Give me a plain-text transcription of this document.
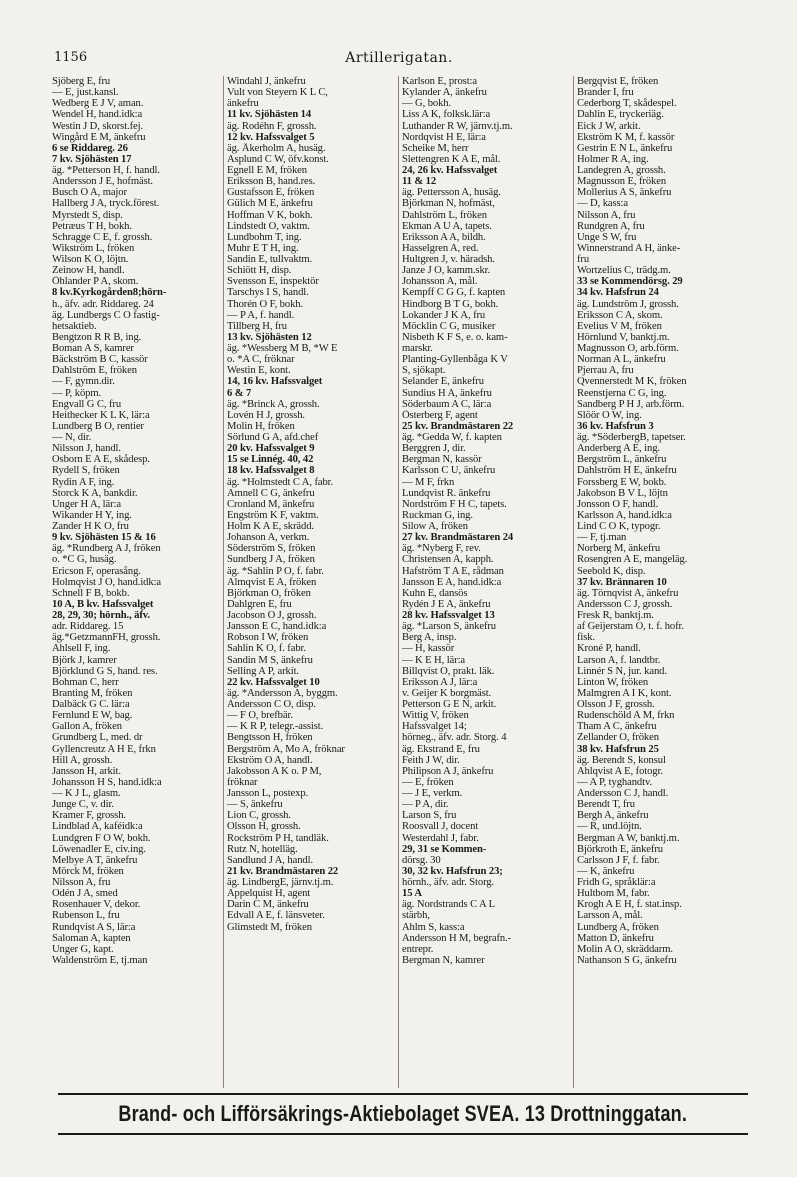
1156	Artillerigatan.
Sjöberg E, fru
— E, just.kansl.
Wedberg E J V, aman.
Wendel H, hand.idk:a
Westin J D, skorst.fej.
Wingård E M, änkefru
6 se Riddareg. 26
7 kv. Sjöhästen 17
äg. *Petterson H, f. handl.
Andersson J E, hofmäst.
Busch O A, major
Hallberg J A, tryck.förest.
Myrstedt S, disp.
Petræus T H, bokh.
Schragge C E, f. grossh.
Wikström L, fröken
Wilson K O, löjtn.
Zeinow H, handl.
Öhlander P A, skom.
8 kv.Kyrkogården8;hörn-
h., äfv. adr. Riddareg. 24
äg. Lundbergs C O fastig-
hetsaktieb.
Bengtzon R R B, ing.
Boman A S, kamrer
Bäckström B C, kassör
Dahlström E, fröken
— F, gymn.dir.
— P, köpm.
Engvall G C, fru
Heithecker K L K, lär:a
Lundberg B O, rentier
— N, dir.
Nilsson J, handl.
Osborn E A E, skådesp.
Rydell S, fröken
Rydin A F, ing.
Storck K A, bankdir.
Unger H A, lär:a
Wikander H Y, ing.
Zander H K O, fru
9 kv. Sjöhästen 15 & 16
äg. *Rundberg A J, fröken
o. *C G, husäg.
Ericson F, operasång.
Holmqvist J O, hand.idk:a
Schnell F B, bokb.
10 A, B kv. Hafssvalget
28, 29, 30; hörnh., äfv.
adr. Riddareg. 15
äg.*GetzmannFH, grossh.
Ahlsell F, ing.
Björk J, kamrer
Björklund G S, hand. res.
Bohman C, herr
Branting M, fröken
Dalbäck G C. lär:a
Fernlund E W, bag.
Gallon A, fröken
Grundberg L, med. dr
Gyllencreutz A H E, frkn
Hill A, grossh.
Jansson H, arkit.
Johansson H S, hand.idk:a
— K J L, glasm.
Junge C, v. dir.
Kramer F, grossh.
Lindblad A, kaféidk:a
Lundgren F O W, bokh.
Löwenadler E, civ.ing.
Melbye A T, änkefru
Mörck M, fröken
Nilsson A, fru
Odén J A, smed
Rosenhauer V, dekor.
Rubenson L, fru
Rundqvist A S, lär:a
Saloman A, kapten
Unger G, kapt.
Waldenström E, tj.man
Windahl J, änkefru
Vult von Steyern K L C,
änkefru
11 kv. Sjöhästen 14
äg. Rodéhn F, grossh.
12 kv. Hafssvalget 5
äg. Åkerholm A, husäg.
Asplund C W, öfv.konst.
Egnell E M, fröken
Eriksson B, hand.res.
Gustafsson E, fröken
Gülich M E, änkefru
Hoffman V K, bokh.
Lindstedt O, vaktm.
Lundbohm T, ing.
Muhr E T H, ing.
Sandin E, tullvaktm.
Schiött H, disp.
Svensson E, inspektör
Tarschys I S, handl.
Thorén O F, bokh.
— P A, f. handl.
Tillberg H, fru
13 kv. Sjöhästen 12
äg. *Wessberg M B, *W E
o. *A C, fröknar
Westin E, kont.
14, 16 kv. Hafssvalget
6 & 7
äg. *Brinck A, grossh.
Lovén H J, grossh.
Molin H, fröken
Sörlund G A, afd.chef
20 kv. Hafssvalget 9
15 se Linnég. 40, 42
18 kv. Hafssvalget 8
äg. *Holmstedt C A, fabr.
Amnell C G, änkefru
Cronland M, änkefru
Engström K F, vaktm.
Holm K A E, skrädd.
Johanson A, verkm.
Söderström S, fröken
Sundberg J A, fröken
äg. *Sahlin P O, f. fabr.
Almqvist E A, fröken
Björkman O, fröken
Dahlgren E, fru
Jacobson O J, grossh.
Jansson E C, hand.idk:a
Robson I W, fröken
Sahlin K O, f. fabr.
Sandin M S, änkefru
Selling A P, arkit.
22 kv. Hafssvalget 10
äg. *Andersson A, byggm.
Andersson C O, disp.
— F O, brefbär.
— K R P, telegr.-assist.
Bengtsson H, fröken
Bergström A, Mo A, fröknar
Ekström O A, handl.
Jakobsson A K o. P M,
fröknar
Jansson L, postexp.
— S, änkefru
Lion C, grossh.
Olsson H, grossh.
Rockström P H, tandläk.
Rutz N, hotelläg.
Sandlund J A, handl.
21 kv. Brandmästaren 22
äg. LindbergE, järnv.tj.m.
Appelquist H, agent
Darin C M, änkefru
Edvall A E, f. länsveter.
Glimstedt M, fröken
Karlson E, prost:a
Kylander A, änkefru
— G, bokh.
Liss A K, folksk.lär:a
Luthander R W, järnv.tj.m.
Nordqvist H E, lär:a
Scheike M, herr
Slettengren K A E, mål.
24, 26 kv. Hafssvalget
11 & 12
äg. Pettersson A, husäg.
Björkman N, hofmäst,
Dahlström L, fröken
Ekman A U A, tapets.
Eriksson A A, bildh.
Hasselgren A, red.
Hultgren J, v. häradsh.
Janze J O, kamm.skr.
Johansson A, mål.
Kempff C G G, f. kapten
Hindborg B T G, bokh.
Lokander J K A, fru
Möcklin C G, musiker
Nisbeth K F S, e. o. kam-
marskr.
Planting-Gyllenbåga K V
S, sjökapt.
Selander E, änkefru
Sundius H A, änkefru
Söderbaum A C, lär:a
Österberg F, agent
25 kv. Brandmästaren 22
äg. *Gedda W, f. kapten
Berggren J, dir.
Bergman N, kassör
Karlsson C U, änkefru
— M F, frkn
Lundqvist R. änkefru
Nordström F H C, tapets.
Ruckman G, ing.
Silow A, fröken
27 kv. Brandmästaren 24
äg. *Nyberg F, rev.
Christensen A, kapph.
Hafström T A E, rådman
Jansson E A, hand.idk:a
Kuhn E, dansös
Rydén J E A, änkefru
28 kv. Hafssvalget 13
äg. *Larson S, änkefru
Berg A, insp.
— H, kassör
— K E H, lär:a
Billqvist O, prakt. läk.
Eriksson A J, lär:a
v. Geijer K borgmäst.
Petterson G E N, arkit.
Wittig V, fröken
Hafssvalget 14;
hörneg., äfv. adr. Storg. 4
äg. Ekstrand E, fru
Feith J W, dir.
Philipson A J, änkefru
— E, fröken
— J E, verkm.
— P A, dir.
Larson S, fru
Roosvall J, docent
Westerdahl J, fabr.
29, 31 se Kommen-
dörsg. 30
30, 32 kv. Hafsfrun 23;
hörnh., äfv. adr. Storg.
15 A
äg. Nordstrands C A L
stärbh,
Ahlm S, kass:a
Andersson H M, begrafn.-
entrepr.
Bergman N, kamrer
Bergqvist E, fröken
Brander I, fru
Cederborg T, skådespel.
Dahlin E, tryckeriäg.
Eick J W, arkit.
Ekström K M, f. kassör
Gestrin E N L, änkefru
Holmer R A, ing.
Landegren A, grossh.
Magnusson E, fröken
Mollerius A S, änkefru
— D, kass:a
Nilsson A, fru
Rundgren A, fru
Unge S W, fru
Winnerstrand A H, änke-
fru
Wortzelius C, trädg.m.
33 se Kommendörsg. 29
34 kv. Hafsfrun 24
äg. Lundström J, grossh.
Eriksson C A, skom.
Evelius V M, fröken
Hörnlund V, banktj.m.
Magnusson O, arb.förm.
Norman A L, änkefru
Pjerrau A, fru
Qvennerstedt M K, fröken
Reenstjerna C G, ing.
Sandberg P H J, arb.förm.
Slöör O W, ing.
36 kv. Hafsfrun 3
äg. *SöderbergB, tapetser.
Anderberg A E, ing.
Bergström L, änkefru
Dahlström H E, änkefru
Forssberg E W, bokb.
Jakobson B V L, löjtn
Jonsson O F, handl.
Karlsson A, hand.idk:a
Lind C O K, typogr.
— F, tj.man
Norberg M, änkefru
Rosengren A E, mangeläg.
Seebold K, disp.
37 kv. Brännaren 10
äg. Törnqvist A, änkefru
Andersson C J, grossh.
Fresk R, banktj.m.
af Geijerstam O, t. f. hofr.
fisk.
Kroné P, handl.
Larson A, f. landtbr.
Linnér S N, jur. kand.
Linton W, fröken
Malmgren A I K, kont.
Olsson J F, grossh.
Rudenschöld A M, frkn
Tham A C, änkefru
Zellander O, fröken
38 kv. Hafsfrun 25
äg. Berendt S, konsul
Ahlqvist A E, fotogr.
— A P, tyghandtv.
Andersson C J, handl.
Berendt T, fru
Bergh A, änkefru
— R, und.löjtn.
Bergman A W, banktj.m.
Björkroth E, änkefru
Carlsson J F, f. fabr.
— K, änkefru
Fridh G, språklär:a
Hultbom M, fabr.
Krogh A E H, f. stat.insp.
Larsson A, mål.
Lundberg A, fröken
Matton D, änkefru
Molin A O, skräddarm.
Nathanson S G, änkefru
Brand- och Lifförsäkrings-Aktiebolaget SVEA. 13 Drottninggatan.
